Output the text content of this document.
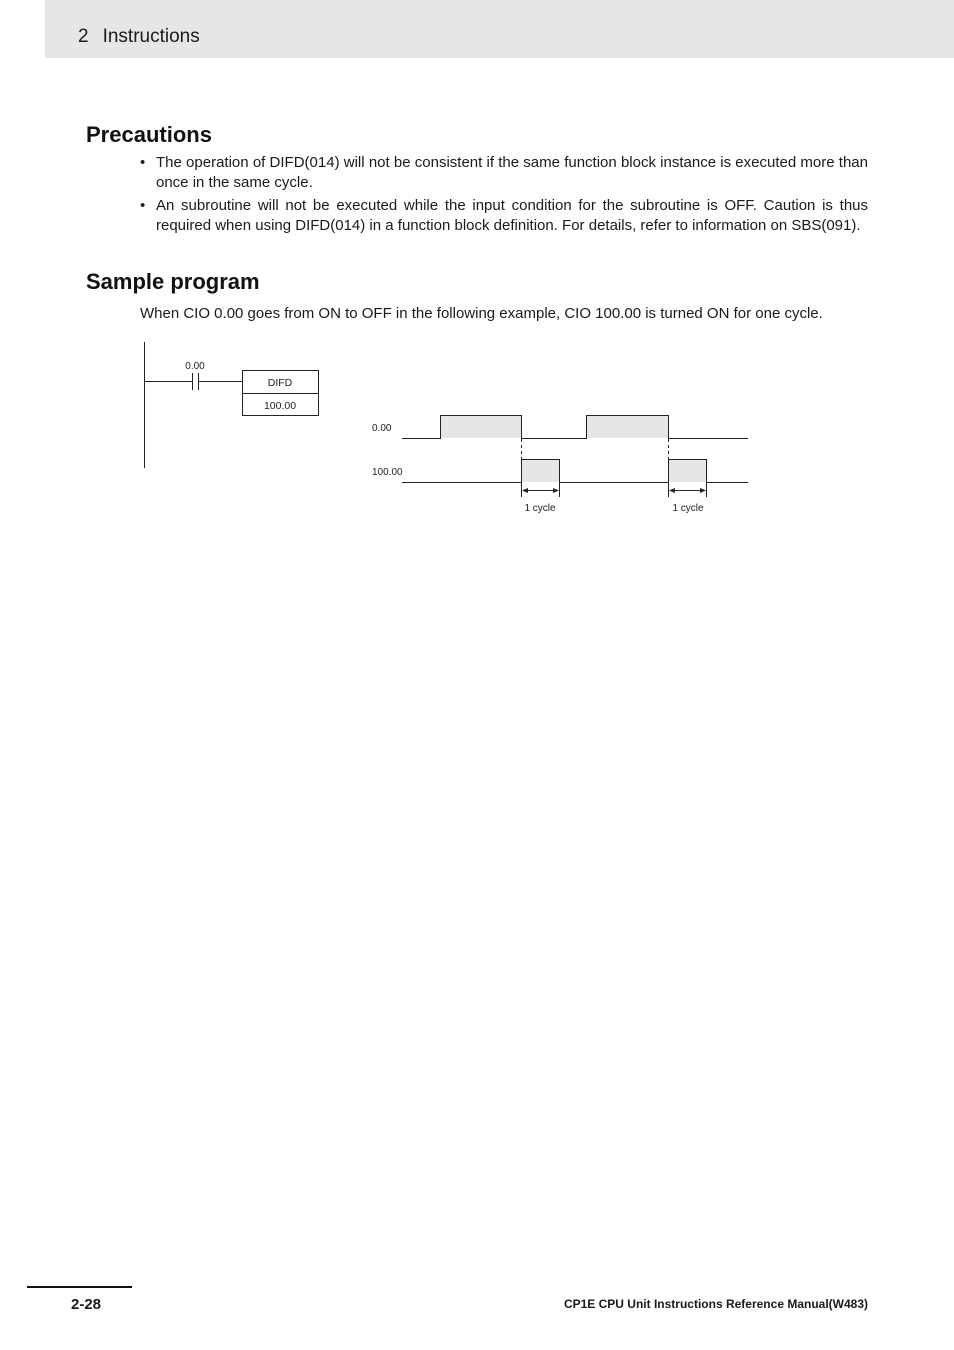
2 Instructions
Precautions
• The operation of DIFD(014) will not be consistent if the same function block instance is executed more than once in the same cycle.
• An subroutine will not be executed while the input condition for the subroutine is OFF. Caution is thus required when using DIFD(014) in a function block definition. For details, refer to information on SBS(091).
Sample program

When CIO 0.00 goes from ON to OFF in the following example, CIO 100.00 is turned ON for one cycle.

0.00
DIFD
100.00
0.00
100.00
1 cycle	1 cycle
2-28	CP1E CPU Unit Instructions Reference Manual(W483)
